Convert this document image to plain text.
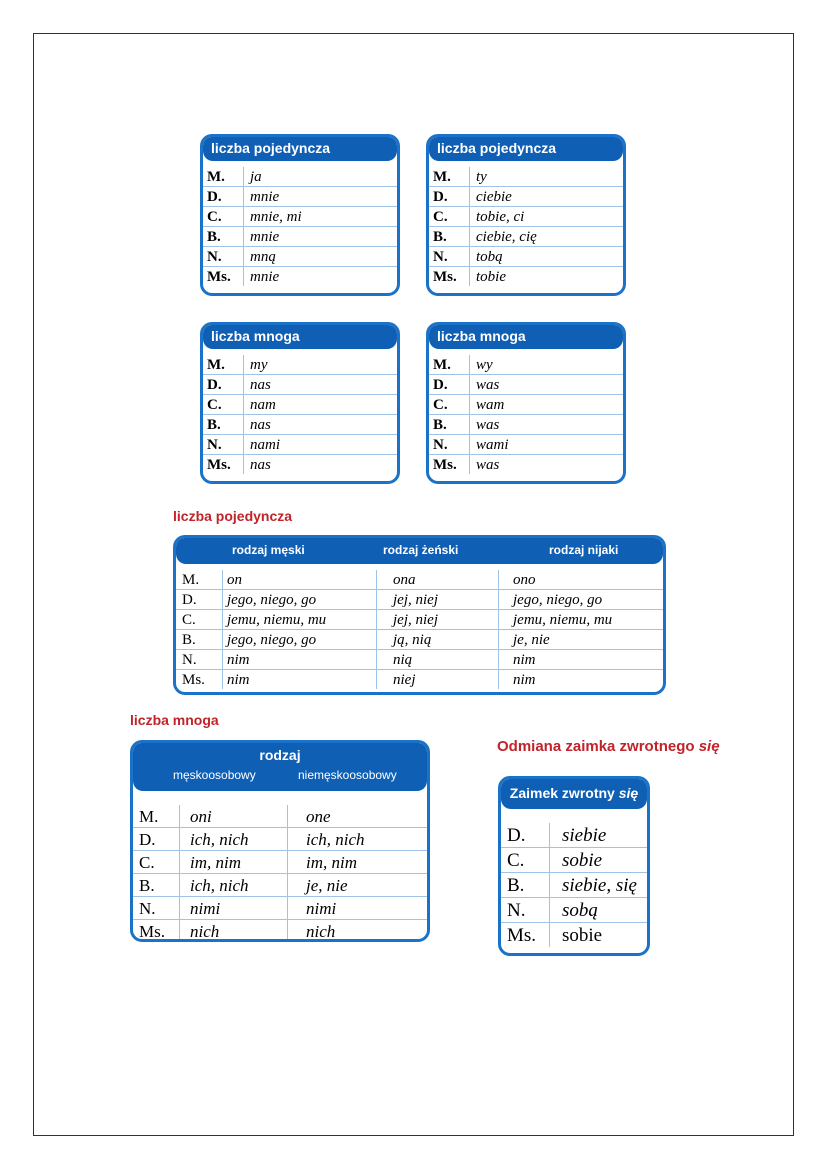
liczba pojedyncza
M.	ja
D.	mnie
C.	mnie, mi
B.	mnie
N.	mną
Ms.	mnie
liczba pojedyncza
M.	ty
D.	ciebie
C.	tobie, ci
B.	ciebie, cię
N.	tobą
Ms.	tobie
liczba mnoga
M.	my
D.	nas
C.	nam
B.	nas
N.	nami
Ms.	nas
liczba mnoga
M.	wy
D.	was
C.	wam
B.	was
N.	wami
Ms.	was
liczba pojedyncza
rodzaj męski	rodzaj żeński	rodzaj nijaki
M.	on	ona	ono
D.	jego, niego, go	jej, niej	jego, niego, go
C.	jemu, niemu, mu	jej, niej	jemu, niemu, mu
B.	jego, niego, go	ją, nią	je, nie
N.	nim	nią	nim
Ms.	nim	niej	nim
liczba mnoga
rodzaj
męskoosobowy	niemęskoosobowy
M.	oni	one
D.	ich, nich	ich, nich
C.	im, nim	im, nim
B.	ich, nich	je, nie
N.	nimi	nimi
Ms.	nich	nich
Odmiana zaimka zwrotnego się
Zaimek zwrotny się
D.	siebie
C.	sobie
B.	siebie, się
N.	sobą
Ms.	sobie
